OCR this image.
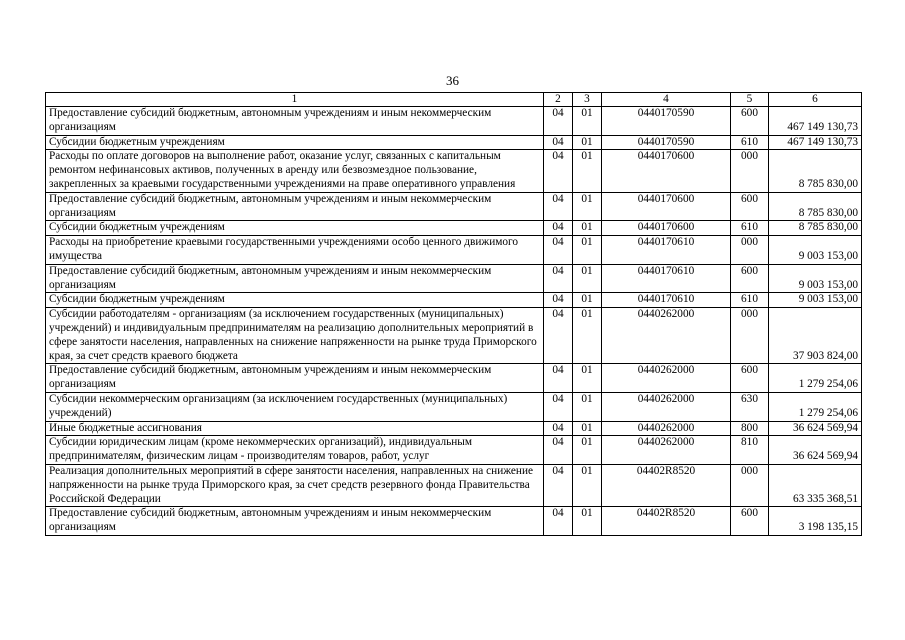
36
1	2	3	4	5	6
Предоставление субсидий бюджетным, автономным учреждениям и иным некоммерческим организациям	04	01	0440170590	600	467 149 130,73
Субсидии бюджетным учреждениям	04	01	0440170590	610	467 149 130,73
Расходы по оплате договоров на выполнение работ, оказание услуг, связанных с капитальным ремонтом нефинансовых активов, полученных в аренду или безвозмездное пользование, закрепленных за краевыми государственными учреждениями на праве оперативного управления	04	01	0440170600	000	8 785 830,00
Предоставление субсидий бюджетным, автономным учреждениям и иным некоммерческим организациям	04	01	0440170600	600	8 785 830,00
Субсидии бюджетным учреждениям	04	01	0440170600	610	8 785 830,00
Расходы на приобретение краевыми государственными учреждениями особо ценного движимого имущества	04	01	0440170610	000	9 003 153,00
Предоставление субсидий бюджетным, автономным учреждениям и иным некоммерческим организациям	04	01	0440170610	600	9 003 153,00
Субсидии бюджетным учреждениям	04	01	0440170610	610	9 003 153,00
Субсидии работодателям - организациям (за исключением государственных (муниципальных) учреждений) и индивидуальным предпринимателям на реализацию дополнительных мероприятий в сфере занятости населения, направленных на снижение напряженности на рынке труда Приморского края, за счет средств краевого бюджета	04	01	0440262000	000	37 903 824,00
Предоставление субсидий бюджетным, автономным учреждениям и иным некоммерческим организациям	04	01	0440262000	600	1 279 254,06
Субсидии некоммерческим организациям (за исключением государственных (муниципальных) учреждений)	04	01	0440262000	630	1 279 254,06
Иные бюджетные ассигнования	04	01	0440262000	800	36 624 569,94
Субсидии юридическим лицам (кроме некоммерческих организаций), индивидуальным предпринимателям, физическим лицам - производителям товаров, работ, услуг	04	01	0440262000	810	36 624 569,94
Реализация дополнительных мероприятий в сфере занятости населения, направленных на снижение напряженности на рынке труда Приморского края, за счет средств резервного фонда Правительства Российской Федерации	04	01	04402R8520	000	63 335 368,51
Предоставление субсидий бюджетным, автономным учреждениям и иным некоммерческим организациям	04	01	04402R8520	600	3 198 135,15
